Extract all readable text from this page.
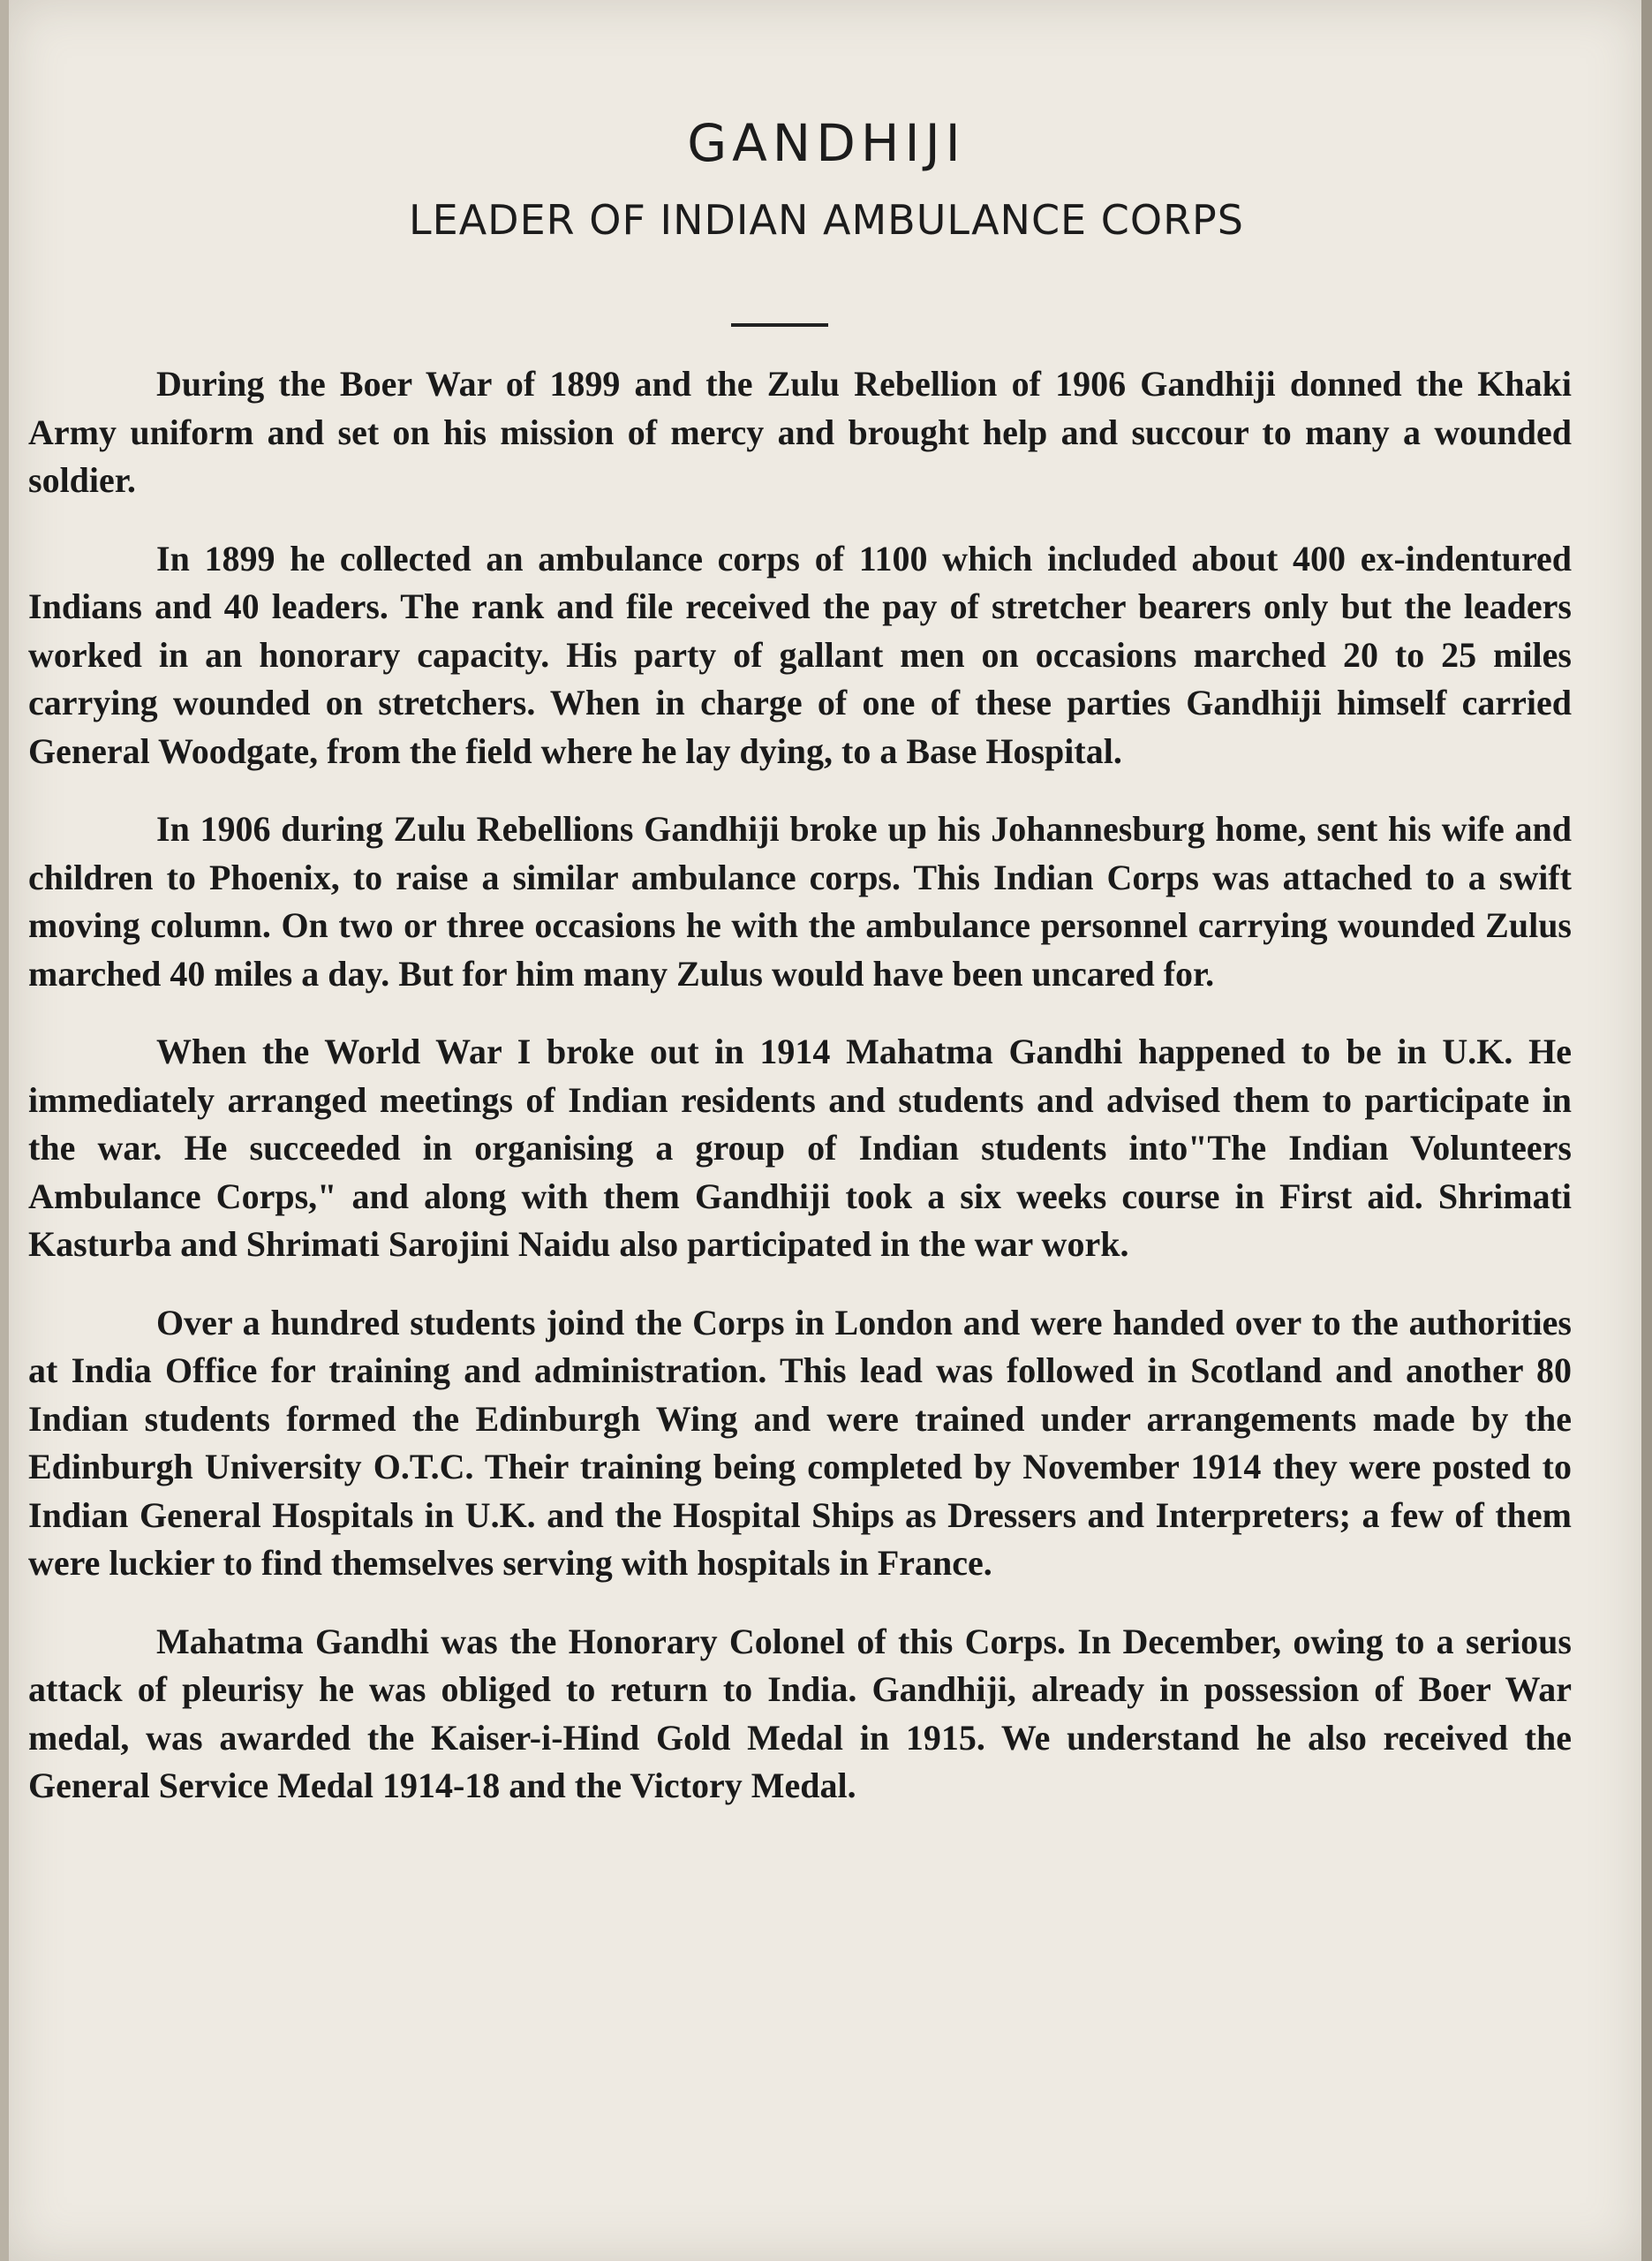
GANDHIJI
LEADER OF INDIAN AMBULANCE CORPS

During the Boer War of 1899 and the Zulu Rebellion of 1906 Gandhiji donned the Khaki Army uniform and set on his mission of mercy and brought help and succour to many a wounded soldier.

In 1899 he collected an ambulance corps of 1100 which included about 400 ex-indentured Indians and 40 leaders. The rank and file received the pay of stretcher bearers only but the leaders worked in an honorary capacity. His party of gallant men on occasions marched 20 to 25 miles carrying wounded on stretchers. When in charge of one of these parties Gandhiji himself carried General Woodgate, from the field where he lay dying, to a Base Hospital.

In 1906 during Zulu Rebellions Gandhiji broke up his Johannesburg home, sent his wife and children to Phoenix, to raise a similar ambulance corps. This Indian Corps was attached to a swift moving column. On two or three occasions he with the ambulance personnel carrying wounded Zulus marched 40 miles a day. But for him many Zulus would have been uncared for.

When the World War I broke out in 1914 Mahatma Gandhi happened to be in U.K. He immediately arranged meetings of Indian residents and students and advised them to participate in the war. He succeeded in organising a group of Indian students into"The Indian Volunteers Ambulance Corps," and along with them Gandhiji took a six weeks course in First aid. Shrimati Kasturba and Shrimati Sarojini Naidu also participated in the war work.

Over a hundred students joind the Corps in London and were handed over to the authorities at India Office for training and administration. This lead was followed in Scotland and another 80 Indian students formed the Edinburgh Wing and were trained under arrangements made by the Edinburgh University O.T.C. Their training being completed by November 1914 they were posted to Indian General Hospitals in U.K. and the Hospital Ships as Dressers and Interpreters; a few of them were luckier to find themselves serving with hospitals in France.

Mahatma Gandhi was the Honorary Colonel of this Corps. In December, owing to a serious attack of pleurisy he was obliged to return to India. Gandhiji, already in possession of Boer War medal, was awarded the Kaiser-i-Hind Gold Medal in 1915. We understand he also received the General Service Medal 1914-18 and the Victory Medal.
